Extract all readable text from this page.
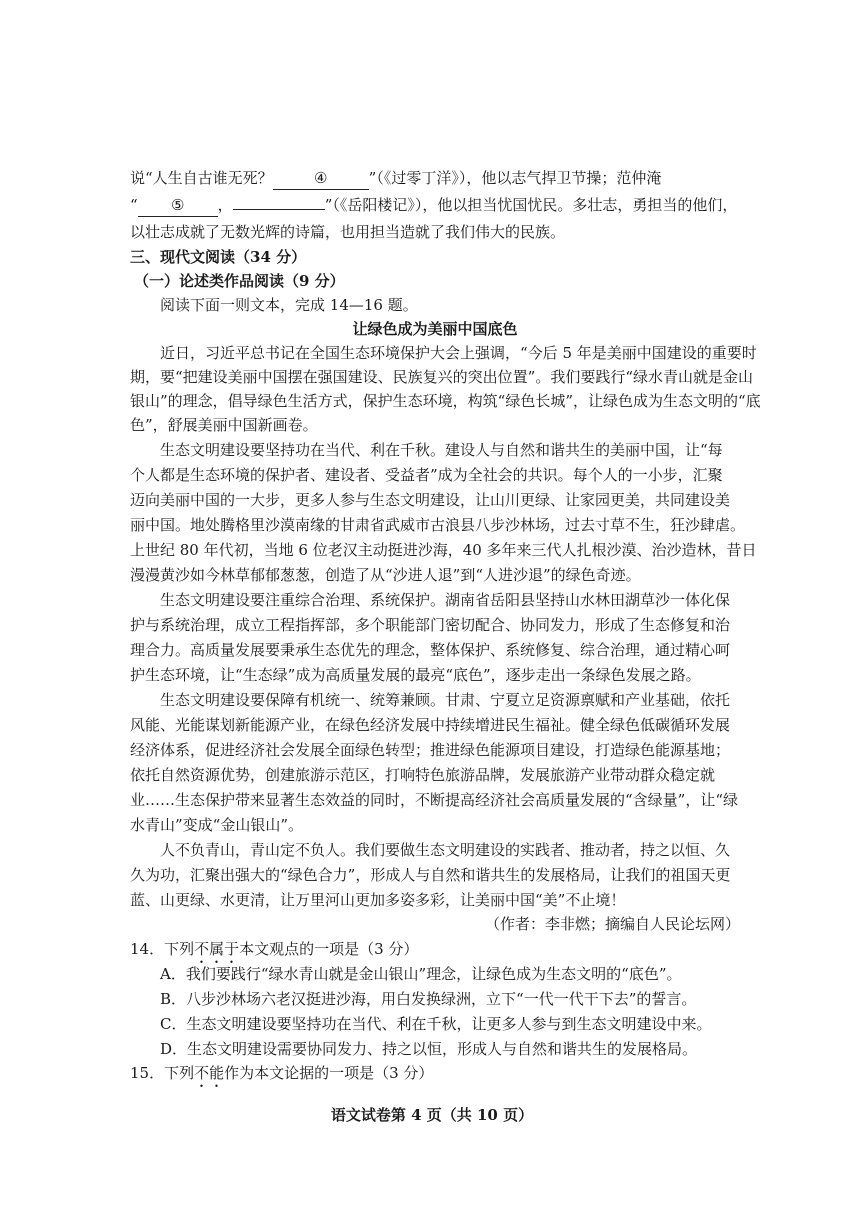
说“人生自古谁无死？	④	”（《过零丁洋》），他以志气捍卫节操；范仲淹
“ ⑤ ，	”（《岳阳楼记》），他以担当忧国忧民。多壮志，勇担当的他们，
以壮志成就了无数光辉的诗篇，也用担当造就了我们伟大的民族。
三、现代文阅读（34 分）
（一）论述类作品阅读（9 分）
阅读下面一则文本，完成 14—16 题。
让绿色成为美丽中国底色
近日，习近平总书记在全国生态环境保护大会上强调，“今后 5 年是美丽中国建设的重要时
期，要“把建设美丽中国摆在强国建设、民族复兴的突出位置”。我们要践行“绿水青山就是金山
银山”的理念，倡导绿色生活方式，保护生态环境，构筑“绿色长城”，让绿色成为生态文明的“底
色”，舒展美丽中国新画卷。
生态文明建设要坚持功在当代、利在千秋。建设人与自然和谐共生的美丽中国，让“每
个人都是生态环境的保护者、建设者、受益者”成为全社会的共识。每个人的一小步，汇聚
迈向美丽中国的一大步，更多人参与生态文明建设，让山川更绿、让家园更美，共同建设美
丽中国。地处腾格里沙漠南缘的甘肃省武威市古浪县八步沙林场，过去寸草不生，狂沙肆虐。
上世纪 80 年代初，当地 6 位老汉主动挺进沙海，40 多年来三代人扎根沙漠、治沙造林，昔日
漫漫黄沙如今林草郁郁葱葱，创造了从“沙进人退”到“人进沙退”的绿色奇迹。
生态文明建设要注重综合治理、系统保护。湖南省岳阳县坚持山水林田湖草沙一体化保
护与系统治理，成立工程指挥部，多个职能部门密切配合、协同发力，形成了生态修复和治
理合力。高质量发展要秉承生态优先的理念，整体保护、系统修复、综合治理，通过精心呵
护生态环境，让“生态绿”成为高质量发展的最亮“底色”，逐步走出一条绿色发展之路。
生态文明建设要保障有机统一、统筹兼顾。甘肃、宁夏立足资源禀赋和产业基础，依托
风能、光能谋划新能源产业，在绿色经济发展中持续增进民生福祉。健全绿色低碳循环发展
经济体系，促进经济社会发展全面绿色转型；推进绿色能源项目建设，打造绿色能源基地；
依托自然资源优势，创建旅游示范区，打响特色旅游品牌，发展旅游产业带动群众稳定就
业……生态保护带来显著生态效益的同时，不断提高经济社会高质量发展的“含绿量”，让“绿
水青山”变成“金山银山”。
人不负青山，青山定不负人。我们要做生态文明建设的实践者、推动者，持之以恒、久
久为功，汇聚出强大的“绿色合力”，形成人与自然和谐共生的发展格局，让我们的祖国天更
蓝、山更绿、水更清，让万里河山更加多姿多彩，让美丽中国“美”不止境！
（作者：李非燃；摘编自人民论坛网）
14．下列不属于本文观点的一项是（3 分）
A．我们要践行“绿水青山就是金山银山”理念，让绿色成为生态文明的“底色”。
B．八步沙林场六老汉挺进沙海，用白发换绿洲，立下“一代一代干下去”的誓言。
C．生态文明建设要坚持功在当代、利在千秋，让更多人参与到生态文明建设中来。
D．生态文明建设需要协同发力、持之以恒，形成人与自然和谐共生的发展格局。
15．下列不能作为本文论据的一项是（3 分）
语文试卷第 4 页（共 10 页）
